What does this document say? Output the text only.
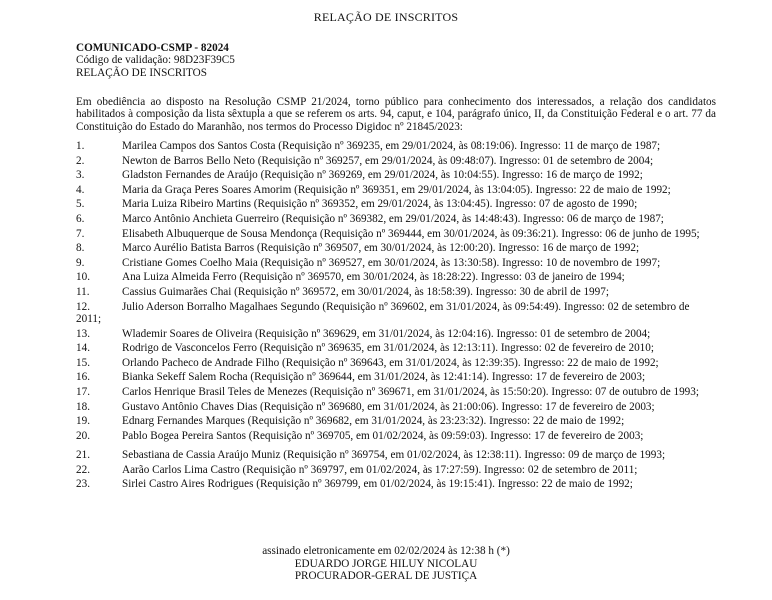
RELAÇÃO DE INSCRITOS
COMUNICADO-CSMP - 82024
Código de validação: 98D23F39C5
RELAÇÃO DE INSCRITOS
Em obediência ao disposto na Resolução CSMP 21/2024, torno público para conhecimento dos interessados, a relação dos candidatos habilitados à composição da lista sêxtupla a que se referem os arts. 94, caput, e 104, parágrafo único, II, da Constituição Federal e o art. 77 da Constituição do Estado do Maranhão, nos termos do Processo Digidoc nº 21845/2023:
1.	Marilea Campos dos Santos Costa (Requisição nº 369235, em 29/01/2024, às 08:19:06). Ingresso: 11 de março de 1987;
2.	Newton de Barros Bello Neto (Requisição nº 369257, em 29/01/2024, às 09:48:07). Ingresso: 01 de setembro de 2004;
3.	Gladston Fernandes de Araújo (Requisição nº 369269, em 29/01/2024, às 10:04:55). Ingresso: 16 de março de 1992;
4.	Maria da Graça Peres Soares Amorim (Requisição nº 369351, em 29/01/2024, às 13:04:05). Ingresso: 22 de maio de 1992;
5.	Maria Luiza Ribeiro Martins (Requisição nº 369352, em 29/01/2024, às 13:04:45). Ingresso: 07 de agosto de 1990;
6.	Marco Antônio Anchieta Guerreiro (Requisição nº 369382, em 29/01/2024, às 14:48:43). Ingresso: 06 de março de 1987;
7.	Elisabeth Albuquerque de Sousa Mendonça (Requisição nº 369444, em 30/01/2024, às 09:36:21). Ingresso: 06 de junho de 1995;
8.	Marco Aurélio Batista Barros (Requisição nº 369507, em 30/01/2024, às 12:00:20). Ingresso: 16 de março de 1992;
9.	Cristiane Gomes Coelho Maia (Requisição nº 369527, em 30/01/2024, às 13:30:58). Ingresso: 10 de novembro de 1997;
10.	Ana Luiza Almeida Ferro (Requisição nº 369570, em 30/01/2024, às 18:28:22). Ingresso: 03 de janeiro de 1994;
11.	Cassius Guimarães Chai (Requisição nº 369572, em 30/01/2024, às 18:58:39). Ingresso: 30 de abril de 1997;
12.	Julio Aderson Borralho Magalhaes Segundo (Requisição nº 369602, em 31/01/2024, às 09:54:49). Ingresso: 02 de setembro de 2011;
13.	Wlademir Soares de Oliveira (Requisição nº 369629, em 31/01/2024, às 12:04:16). Ingresso: 01 de setembro de 2004;
14.	Rodrigo de Vasconcelos Ferro (Requisição nº 369635, em 31/01/2024, às 12:13:11). Ingresso: 02 de fevereiro de 2010;
15.	Orlando Pacheco de Andrade Filho (Requisição nº 369643, em 31/01/2024, às 12:39:35). Ingresso: 22 de maio de 1992;
16.	Bianka Sekeff Salem Rocha (Requisição nº 369644, em 31/01/2024, às 12:41:14). Ingresso: 17 de fevereiro de 2003;
17.	Carlos Henrique Brasil Teles de Menezes (Requisição nº 369671, em 31/01/2024, às 15:50:20). Ingresso: 07 de outubro de 1993;
18.	Gustavo Antônio Chaves Dias (Requisição nº 369680, em 31/01/2024, às 21:00:06). Ingresso: 17 de fevereiro de 2003;
19.	Ednarg Fernandes Marques (Requisição nº 369682, em 31/01/2024, às 23:23:32). Ingresso: 22 de maio de 1992;
20.	Pablo Bogea Pereira Santos (Requisição nº 369705, em 01/02/2024, às 09:59:03). Ingresso: 17 de fevereiro de 2003;
21.	Sebastiana de Cassia Araújo Muniz (Requisição nº 369754, em 01/02/2024, às 12:38:11). Ingresso: 09 de março de 1993;
22.	Aarão Carlos Lima Castro (Requisição nº 369797, em 01/02/2024, às 17:27:59). Ingresso: 02 de setembro de 2011;
23.	Sirlei Castro Aires Rodrigues (Requisição nº 369799, em 01/02/2024, às 19:15:41). Ingresso: 22 de maio de 1992;
assinado eletronicamente em 02/02/2024 às 12:38 h (*)
EDUARDO JORGE HILUY NICOLAU
PROCURADOR-GERAL DE JUSTIÇA
